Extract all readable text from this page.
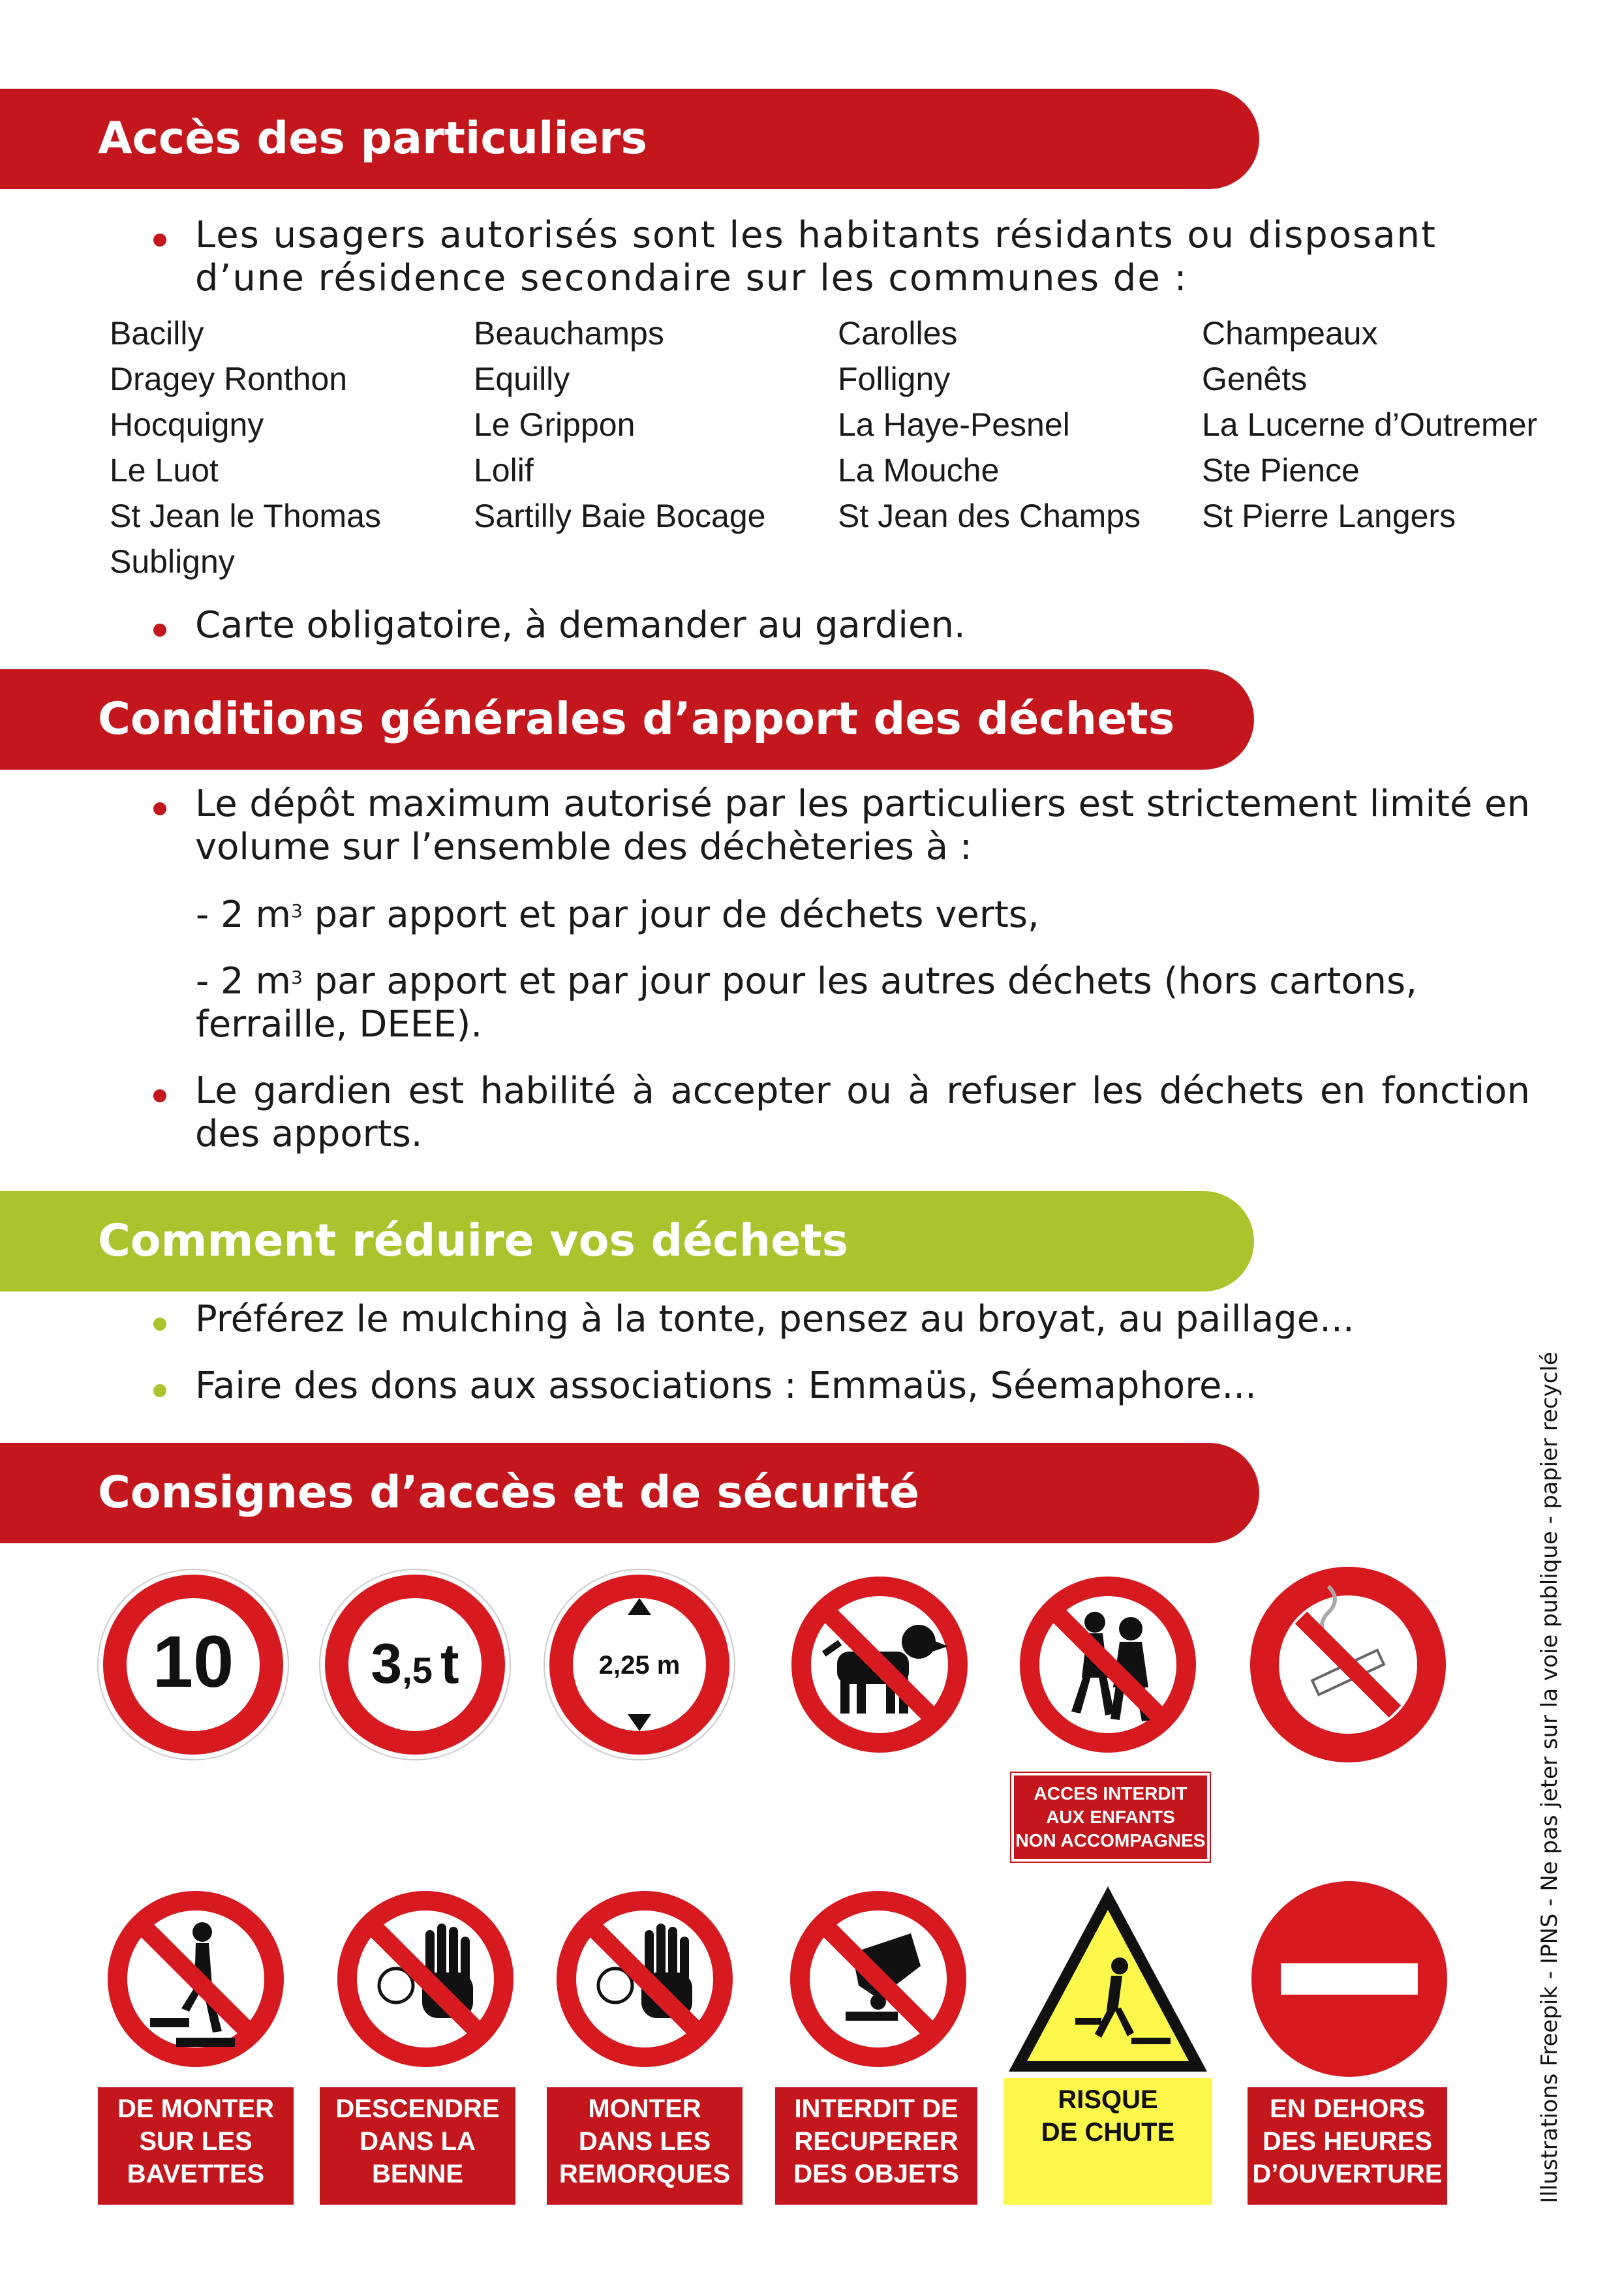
Accès des particuliers
Les usagers autorisés sont les habitants résidants ou disposant d’une résidence secondaire sur les communes de :
Bacilly	Beauchamps	Carolles	Champeaux
Dragey Ronthon	Equilly	Folligny	Genêts
Hocquigny	Le Grippon	La Haye-Pesnel	La Lucerne d’Outremer
Le Luot	Lolif	La Mouche	Ste Pience
St Jean le Thomas	Sartilly Baie Bocage	St Jean des Champs	St Pierre Langers
Subligny
Carte obligatoire, à demander au gardien.
Conditions générales d’apport des déchets
Le dépôt maximum autorisé par les particuliers est strictement limité en volume sur l’ensemble des déchèteries à :
- 2 $m^3$ par apport et par jour de déchets verts,
- 2 $m^3$ par apport et par jour pour les autres déchets (hors cartons, ferraille, DEEE).
Le gardien est habilité à accepter ou à refuser les déchets en fonction des apports.
Comment réduire vos déchets
Préférez le mulching à la tonte, pensez au broyat, au paillage...
Faire des dons aux associations : Emmaüs, Séemaphore...
Consignes d’accès et de sécurité
10 3,5 t	2,25 m
ACCES INTERDIT
AUX ENFANTS
NON ACCOMPAGNES
DE MONTER
SUR LES
BAVETTES
DESCENDRE
DANS LA
BENNE
MONTER
DANS LES
REMORQUES
INTERDIT DE
RECUPERER
DES OBJETS
RISQUE
DE CHUTE
EN DEHORS
DES HEURES
D’OUVERTURE	Illustrations Freepik - IPNS - Ne pas jeter sur la voie publique - papier recyclé
